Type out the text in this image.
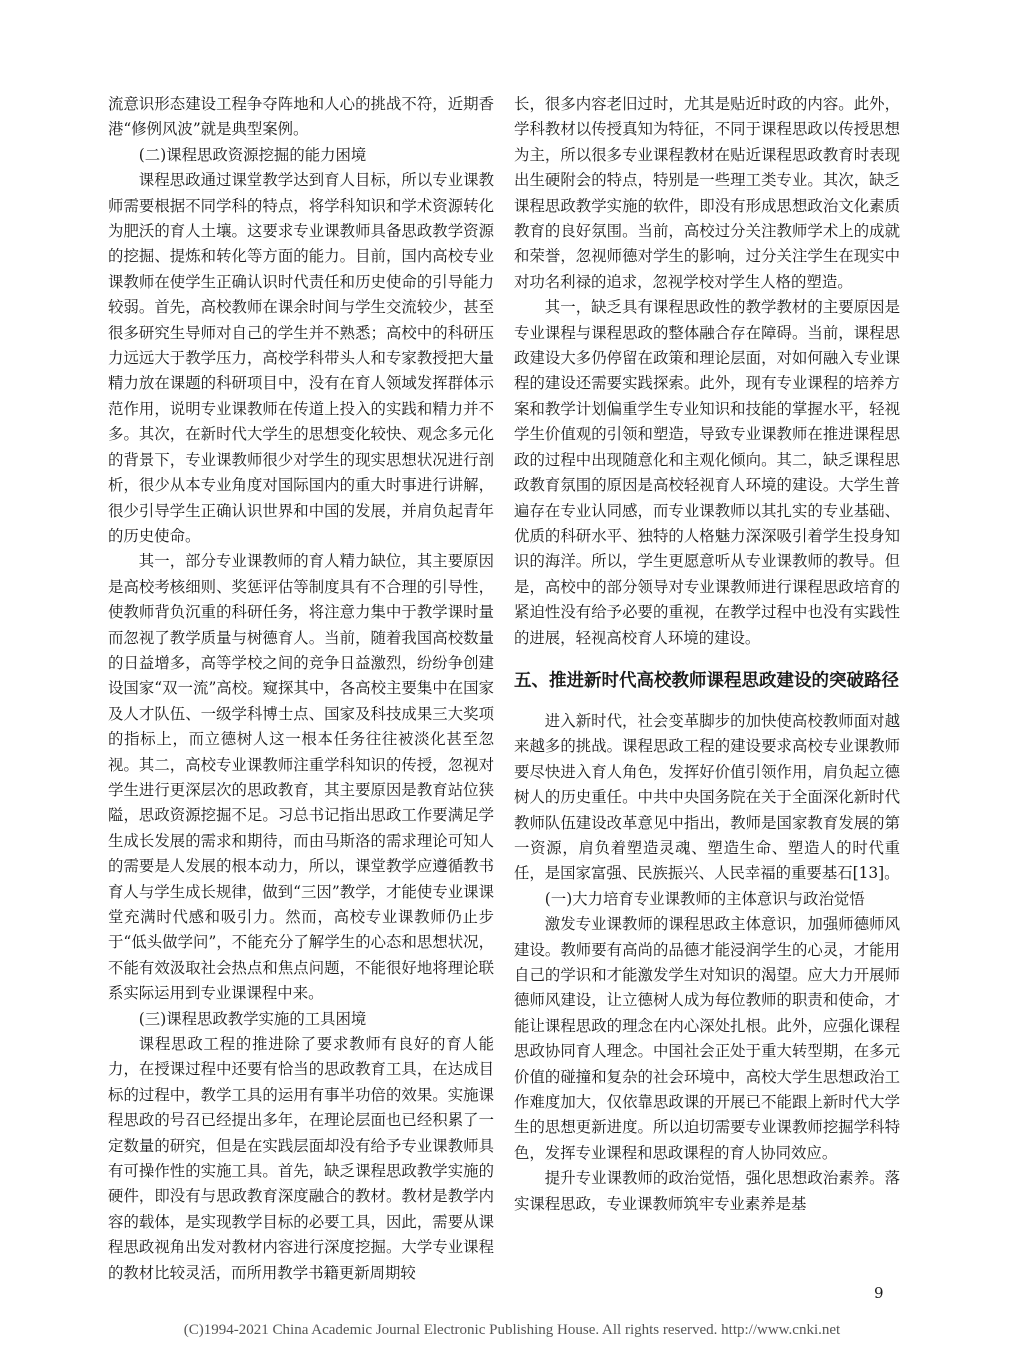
流意识形态建设工程争夺阵地和人心的挑战不符，近期香港“修例风波”就是典型案例。

(二)课程思政资源挖掘的能力困境

课程思政通过课堂教学达到育人目标，所以专业课教师需要根据不同学科的特点，将学科知识和学术资源转化为肥沃的育人土壤。这要求专业课教师具备思政教学资源的挖掘、提炼和转化等方面的能力。目前，国内高校专业课教师在使学生正确认识时代责任和历史使命的引导能力较弱。首先，高校教师在课余时间与学生交流较少，甚至很多研究生导师对自己的学生并不熟悉；高校中的科研压力远远大于教学压力，高校学科带头人和专家教授把大量精力放在课题的科研项目中，没有在育人领域发挥群体示范作用，说明专业课教师在传道上投入的实践和精力并不多。其次，在新时代大学生的思想变化较快、观念多元化的背景下，专业课教师很少对学生的现实思想状况进行剖析，很少从本专业角度对国际国内的重大时事进行讲解，很少引导学生正确认识世界和中国的发展，并肩负起青年的历史使命。

其一，部分专业课教师的育人精力缺位，其主要原因是高校考核细则、奖惩评估等制度具有不合理的引导性，使教师背负沉重的科研任务，将注意力集中于教学课时量而忽视了教学质量与树德育人。当前，随着我国高校数量的日益增多，高等学校之间的竞争日益激烈，纷纷争创建设国家“双一流”高校。窥探其中，各高校主要集中在国家及人才队伍、一级学科博士点、国家及科技成果三大奖项的指标上，而立德树人这一根本任务往往被淡化甚至忽视。其二，高校专业课教师注重学科知识的传授，忽视对学生进行更深层次的思政教育，其主要原因是教育站位狭隘，思政资源挖掘不足。习总书记指出思政工作要满足学生成长发展的需求和期待，而由马斯洛的需求理论可知人的需要是人发展的根本动力，所以，课堂教学应遵循教书育人与学生成长规律，做到“三因”教学，才能使专业课课堂充满时代感和吸引力。然而，高校专业课教师仍止步于“低头做学问”，不能充分了解学生的心态和思想状况，不能有效汲取社会热点和焦点问题，不能很好地将理论联系实际运用到专业课课程中来。

(三)课程思政教学实施的工具困境

课程思政工程的推进除了要求教师有良好的育人能力，在授课过程中还要有恰当的思政教育工具，在达成目标的过程中，教学工具的运用有事半功倍的效果。实施课程思政的号召已经提出多年，在理论层面也已经积累了一定数量的研究，但是在实践层面却没有给予专业课教师具有可操作性的实施工具。首先，缺乏课程思政教学实施的硬件，即没有与思政教育深度融合的教材。教材是教学内容的载体，是实现教学目标的必要工具，因此，需要从课程思政视角出发对教材内容进行深度挖掘。大学专业课程的教材比较灵活，而所用教学书籍更新周期较

长，很多内容老旧过时，尤其是贴近时政的内容。此外，学科教材以传授真知为特征，不同于课程思政以传授思想为主，所以很多专业课程教材在贴近课程思政教育时表现出生硬附会的特点，特别是一些理工类专业。其次，缺乏课程思政教学实施的软件，即没有形成思想政治文化素质教育的良好氛围。当前，高校过分关注教师学术上的成就和荣誉，忽视师德对学生的影响，过分关注学生在现实中对功名利禄的追求，忽视学校对学生人格的塑造。

其一，缺乏具有课程思政性的教学教材的主要原因是专业课程与课程思政的整体融合存在障碍。当前，课程思政建设大多仍停留在政策和理论层面，对如何融入专业课程的建设还需要实践探索。此外，现有专业课程的培养方案和教学计划偏重学生专业知识和技能的掌握水平，轻视学生价值观的引领和塑造，导致专业课教师在推进课程思政的过程中出现随意化和主观化倾向。其二，缺乏课程思政教育氛围的原因是高校轻视育人环境的建设。大学生普遍存在专业认同感，而专业课教师以其扎实的专业基础、优质的科研水平、独特的人格魅力深深吸引着学生投身知识的海洋。所以，学生更愿意听从专业课教师的教导。但是，高校中的部分领导对专业课教师进行课程思政培育的紧迫性没有给予必要的重视，在教学过程中也没有实践性的进展，轻视高校育人环境的建设。

五、推进新时代高校教师课程思政建设的突破路径

进入新时代，社会变革脚步的加快使高校教师面对越来越多的挑战。课程思政工程的建设要求高校专业课教师要尽快进入育人角色，发挥好价值引领作用，肩负起立德树人的历史重任。中共中央国务院在关于全面深化新时代教师队伍建设改革意见中指出，教师是国家教育发展的第一资源，肩负着塑造灵魂、塑造生命、塑造人的时代重任，是国家富强、民族振兴、人民幸福的重要基石[13]。

(一)大力培育专业课教师的主体意识与政治觉悟

激发专业课教师的课程思政主体意识，加强师德师风建设。教师要有高尚的品德才能浸润学生的心灵，才能用自己的学识和才能激发学生对知识的渴望。应大力开展师德师风建设，让立德树人成为每位教师的职责和使命，才能让课程思政的理念在内心深处扎根。此外，应强化课程思政协同育人理念。中国社会正处于重大转型期，在多元价值的碰撞和复杂的社会环境中，高校大学生思想政治工作难度加大，仅依靠思政课的开展已不能跟上新时代大学生的思想更新进度。所以迫切需要专业课教师挖掘学科特色，发挥专业课程和思政课程的育人协同效应。

提升专业课教师的政治觉悟，强化思想政治素养。落实课程思政，专业课教师筑牢专业素养是基

9
(C)1994-2021 China Academic Journal Electronic Publishing House. All rights reserved. http://www.cnki.net
